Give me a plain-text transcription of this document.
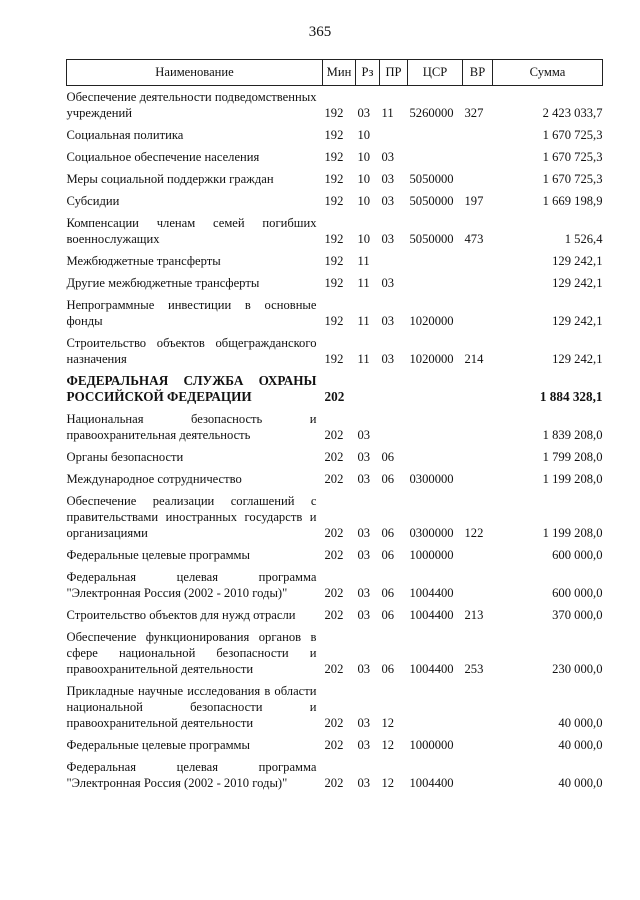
365
Наименование	Мин	Рз	ПР	ЦСР	ВР	Сумма
Обеспечение деятельности подведомственных учреждений	192	03	11	5260000	327	2 423 033,7
Социальная политика	192	10				1 670 725,3
Социальное обеспечение населения	192	10	03			1 670 725,3
Меры социальной поддержки граждан	192	10	03	5050000		1 670 725,3
Субсидии	192	10	03	5050000	197	1 669 198,9
Компенсации членам семей погибших военнослужащих	192	10	03	5050000	473	1 526,4
Межбюджетные трансферты	192	11				129 242,1
Другие межбюджетные трансферты	192	11	03			129 242,1
Непрограммные инвестиции в основные фонды	192	11	03	1020000		129 242,1
Строительство объектов общегражданского назначения	192	11	03	1020000	214	129 242,1
ФЕДЕРАЛЬНАЯ СЛУЖБА ОХРАНЫ РОССИЙСКОЙ ФЕДЕРАЦИИ	202					1 884 328,1
Национальная безопасность и правоохранительная деятельность	202	03				1 839 208,0
Органы безопасности	202	03	06			1 799 208,0
Международное сотрудничество	202	03	06	0300000		1 199 208,0
Обеспечение реализации соглашений с правительствами иностранных государств и организациями	202	03	06	0300000	122	1 199 208,0
Федеральные целевые программы	202	03	06	1000000		600 000,0
Федеральная целевая программа "Электронная Россия (2002 - 2010 годы)"	202	03	06	1004400		600 000,0
Строительство объектов для нужд отрасли	202	03	06	1004400	213	370 000,0
Обеспечение функционирования органов в сфере национальной безопасности и правоохранительной деятельности	202	03	06	1004400	253	230 000,0
Прикладные научные исследования в области национальной безопасности и правоохранительной деятельности	202	03	12			40 000,0
Федеральные целевые программы	202	03	12	1000000		40 000,0
Федеральная целевая программа "Электронная Россия (2002 - 2010 годы)"	202	03	12	1004400		40 000,0
